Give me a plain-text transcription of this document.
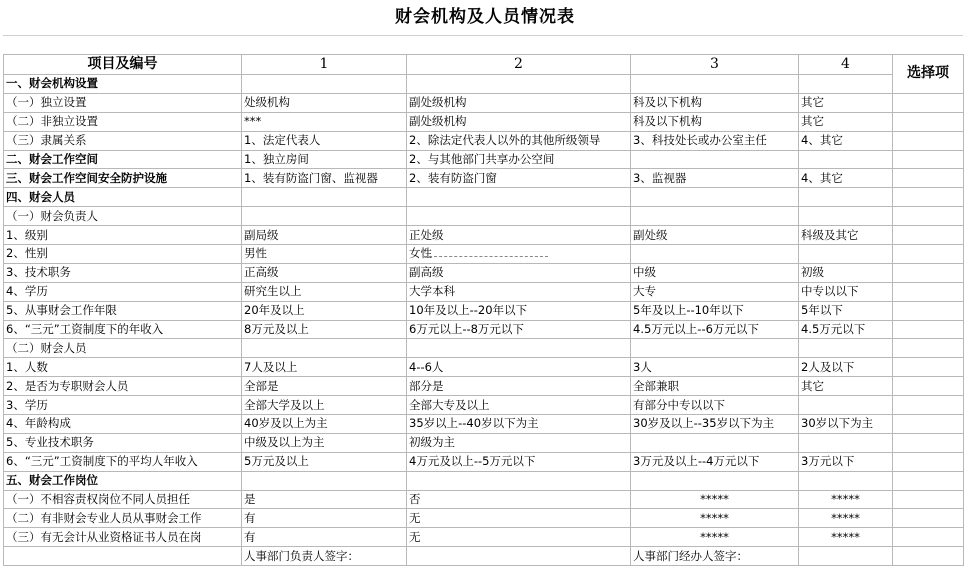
财会机构及人员情况表
项目及编号	1	2	3	4	选择项
一、财会机构设置					
（一）独立设置	处级机构	副处级机构	科及以下机构	其它	
（二）非独立设置	***	副处级机构	科及以下机构	其它	
（三）隶属关系	1、法定代表人	2、除法定代表人以外的其他所级领导	3、科技处长或办公室主任	4、其它	
二、财会工作空间	1、独立房间	2、与其他部门共享办公空间			
三、财会工作空间安全防护设施	1、装有防盗门窗、监视器	2、装有防盗门窗	3、监视器	4、其它	
四、财会人员					
（一）财会负责人					
1、级别	副局级	正处级	副处级	科级及其它	
2、性别	男性	女性			
3、技术职务	正高级	副高级	中级	初级	
4、学历	研究生以上	大学本科	大专	中专以以下	
5、从事财会工作年限	20年及以上	10年及以上--20年以下	5年及以上--10年以下	5年以下	
6、“三元”工资制度下的年收入	8万元及以上	6万元以上--8万元以下	4.5万元以上--6万元以下	4.5万元以下	
（二）财会人员					
1、人数	7人及以上	4--6人	3人	2人及以下	
2、是否为专职财会人员	全部是	部分是	全部兼职	其它	
3、学历	全部大学及以上	全部大专及以上	有部分中专以以下		
4、年龄构成	40岁及以上为主	35岁以上--40岁以下为主	30岁及以上--35岁以下为主	30岁以下为主	
5、专业技术职务	中级及以上为主	初级为主			
6、“三元”工资制度下的平均人年收入	5万元及以上	4万元及以上--5万元以下	3万元及以上--4万元以下	3万元以下	
五、财会工作岗位					
（一）不相容责权岗位不同人员担任	是	否	*****	*****	
（二）有非财会专业人员从事财会工作	有	无	*****	*****	
（三）有无会计从业资格证书人员在岗	有	无	*****	*****	
	人事部门负责人签字：		人事部门经办人签字：		
